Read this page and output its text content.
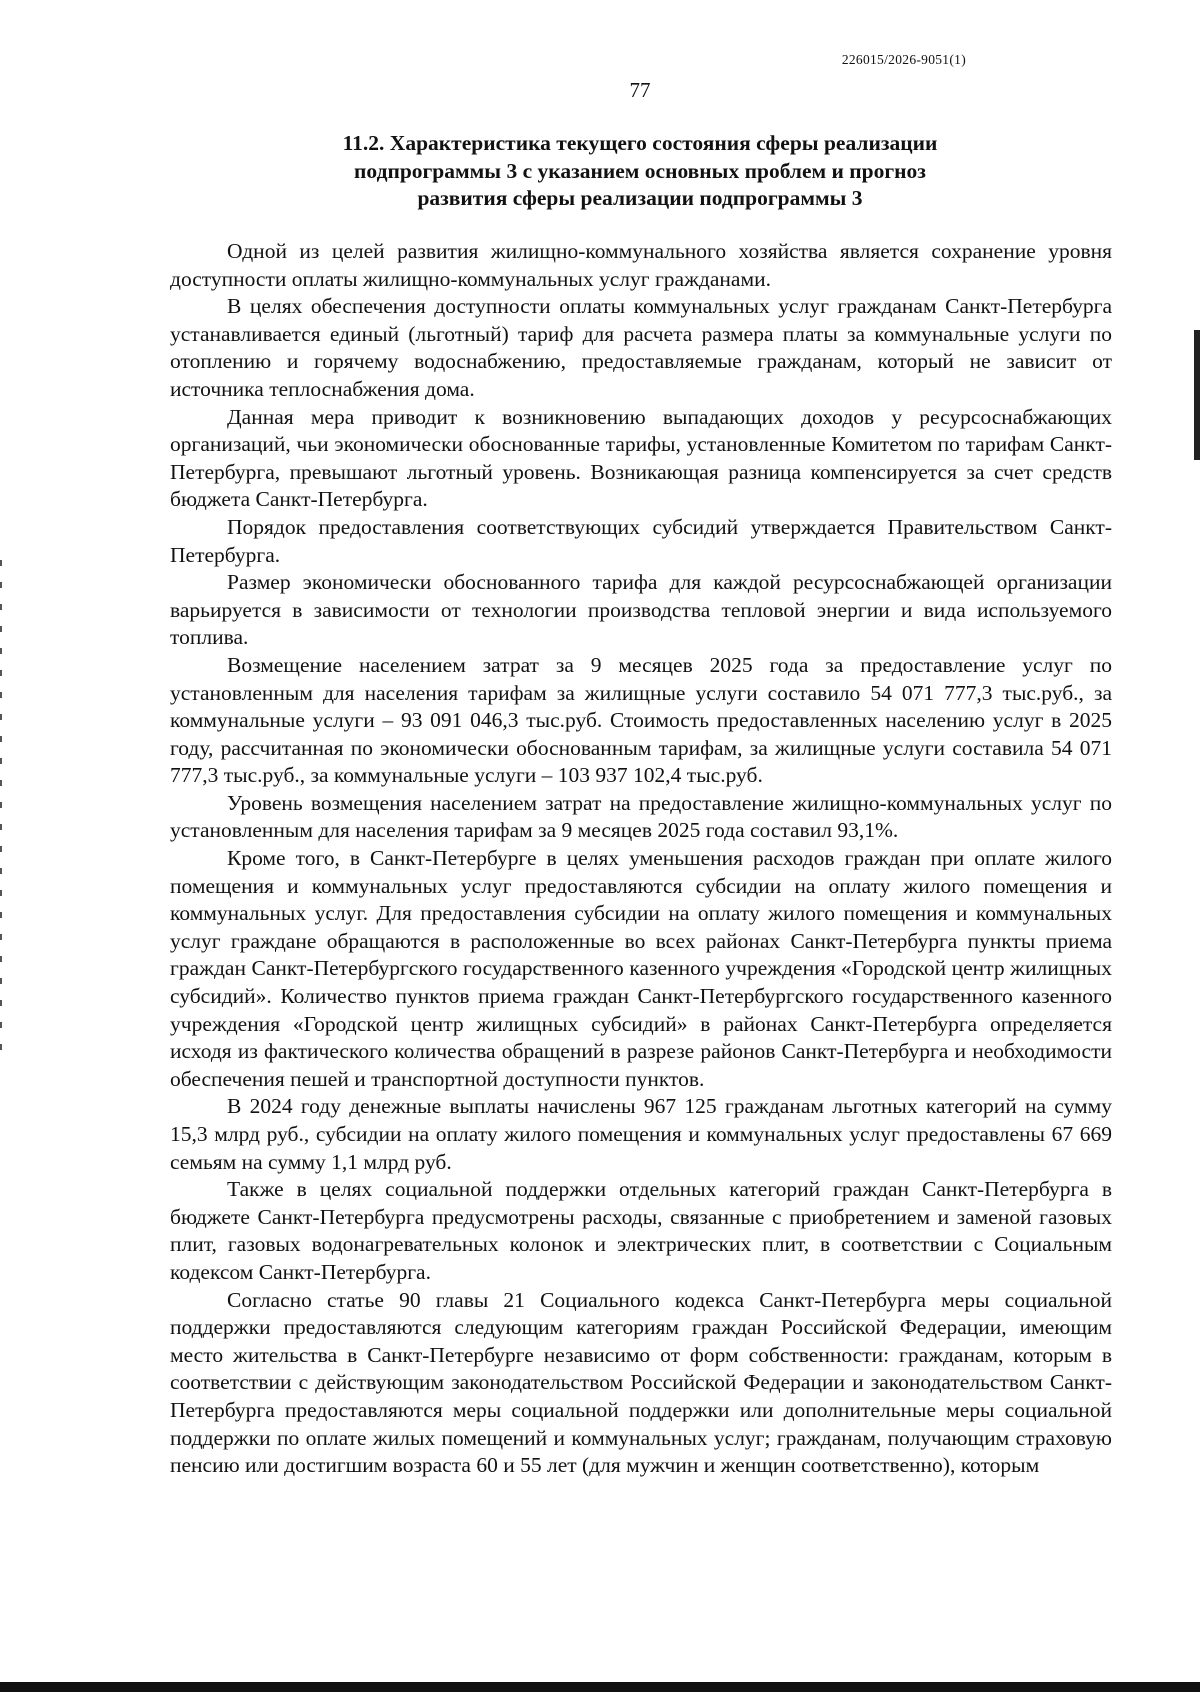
226015/2026-9051(1)
77
11.2. Характеристика текущего состояния сферы реализации
подпрограммы 3 с указанием основных проблем и прогноз
развития сферы реализации подпрограммы 3

Одной из целей развития жилищно-коммунального хозяйства является сохранение уровня доступности оплаты жилищно-коммунальных услуг гражданами.

В целях обеспечения доступности оплаты коммунальных услуг гражданам Санкт-Петербурга устанавливается единый (льготный) тариф для расчета размера платы за коммунальные услуги по отоплению и горячему водоснабжению, предоставляемые гражданам, который не зависит от источника теплоснабжения дома.

Данная мера приводит к возникновению выпадающих доходов у ресурсоснабжающих организаций, чьи экономически обоснованные тарифы, установленные Комитетом по тарифам Санкт-Петербурга, превышают льготный уровень. Возникающая разница компенсируется за счет средств бюджета Санкт-Петербурга.

Порядок предоставления соответствующих субсидий утверждается Правительством Санкт-Петербурга.

Размер экономически обоснованного тарифа для каждой ресурсоснабжающей организации варьируется в зависимости от технологии производства тепловой энергии и вида используемого топлива.

Возмещение населением затрат за 9 месяцев 2025 года за предоставление услуг по установленным для населения тарифам за жилищные услуги составило 54 071 777,3 тыс.руб., за коммунальные услуги – 93 091 046,3 тыс.руб. Стоимость предоставленных населению услуг в 2025 году, рассчитанная по экономически обоснованным тарифам, за жилищные услуги составила 54 071 777,3 тыс.руб., за коммунальные услуги – 103 937 102,4 тыс.руб.

Уровень возмещения населением затрат на предоставление жилищно-коммунальных услуг по установленным для населения тарифам за 9 месяцев 2025 года составил 93,1%.

Кроме того, в Санкт-Петербурге в целях уменьшения расходов граждан при оплате жилого помещения и коммунальных услуг предоставляются субсидии на оплату жилого помещения и коммунальных услуг. Для предоставления субсидии на оплату жилого помещения и коммунальных услуг граждане обращаются в расположенные во всех районах Санкт-Петербурга пункты приема граждан Санкт-Петербургского государственного казенного учреждения «Городской центр жилищных субсидий». Количество пунктов приема граждан Санкт-Петербургского государственного казенного учреждения «Городской центр жилищных субсидий» в районах Санкт-Петербурга определяется исходя из фактического количества обращений в разрезе районов Санкт-Петербурга и необходимости обеспечения пешей и транспортной доступности пунктов.

В 2024 году денежные выплаты начислены 967 125 гражданам льготных категорий на сумму 15,3 млрд руб., субсидии на оплату жилого помещения и коммунальных услуг предоставлены 67 669 семьям на сумму 1,1 млрд руб.

Также в целях социальной поддержки отдельных категорий граждан Санкт-Петербурга в бюджете Санкт-Петербурга предусмотрены расходы, связанные с приобретением и заменой газовых плит, газовых водонагревательных колонок и электрических плит, в соответствии с Социальным кодексом Санкт-Петербурга.

Согласно статье 90 главы 21 Социального кодекса Санкт-Петербурга меры социальной поддержки предоставляются следующим категориям граждан Российской Федерации, имеющим место жительства в Санкт-Петербурге независимо от форм собственности: гражданам, которым в соответствии с действующим законодательством Российской Федерации и законодательством Санкт-Петербурга предоставляются меры социальной поддержки или дополнительные меры социальной поддержки по оплате жилых помещений и коммунальных услуг; гражданам, получающим страховую пенсию или достигшим возраста 60 и 55 лет (для мужчин и женщин соответственно), которым
